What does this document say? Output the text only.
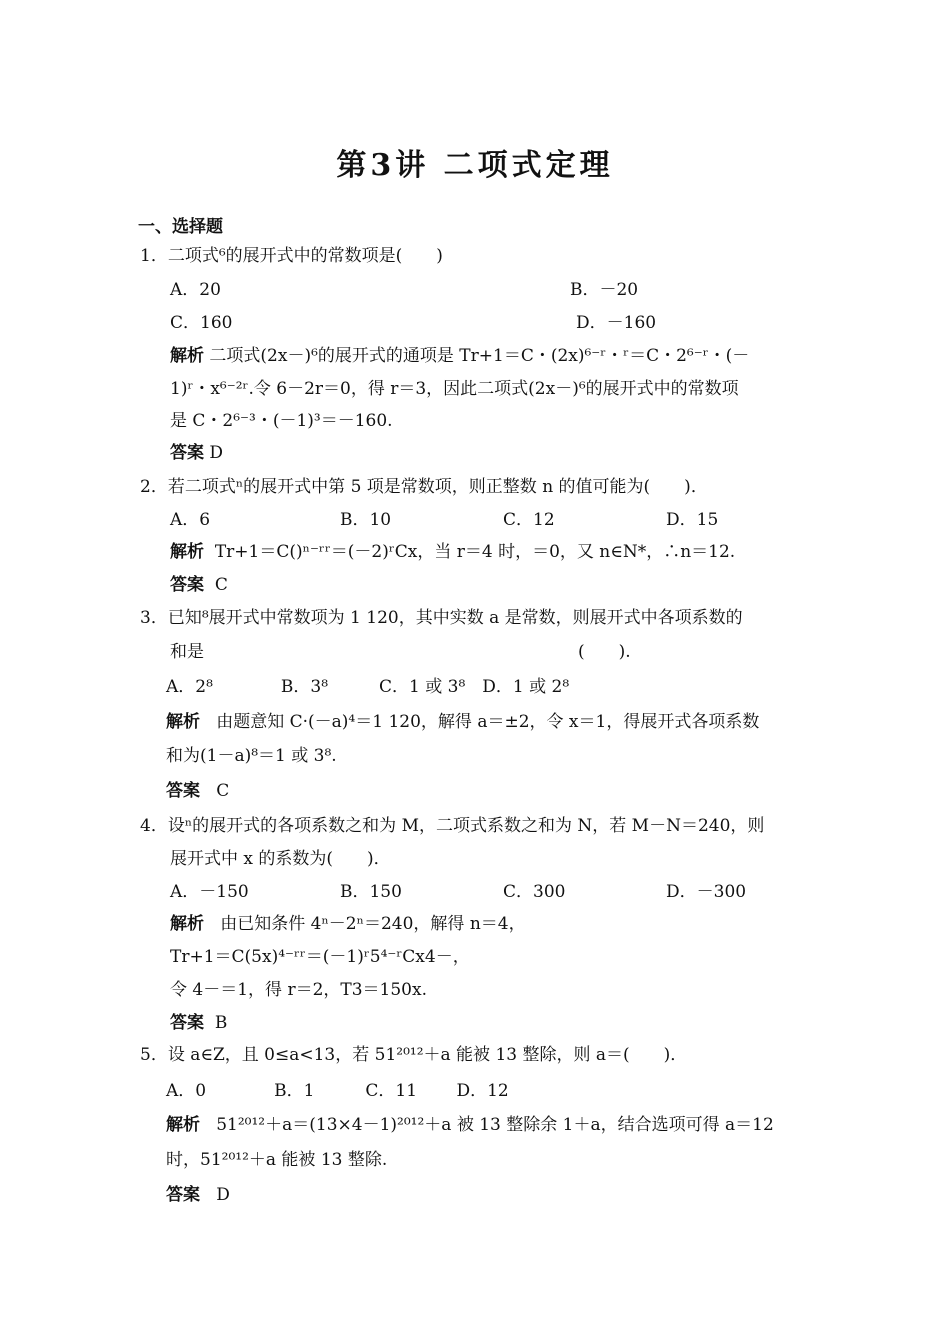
第3讲 二项式定理
一、选择题
1．二项式⁶的展开式中的常数项是(　　)
A．20	B．－20
C．160	D．－160
解析 二项式(2x－)⁶的展开式的通项是 Tr+1＝C・(2x)⁶⁻ʳ・ʳ＝C・2⁶⁻ʳ・(－
1)ʳ・x⁶⁻²ʳ.令 6－2r＝0，得 r＝3，因此二项式(2x－)⁶的展开式中的常数项
是 C・2⁶⁻³・(－1)³＝－160.
答案 D
2．若二项式ⁿ的展开式中第 5 项是常数项，则正整数 n 的值可能为(　　)．
A．6	B．10	C．12	D．15
解析 Tr+1＝C()ⁿ⁻ʳʳ＝(－2)ʳCx，当 r＝4 时，＝0，又 n∈N*，∴n＝12.
答案 C
3．已知⁸展开式中常数项为 1 120，其中实数 a 是常数，则展开式中各项系数的
和是	(　　).
A．2⁸　　　　B．3⁸　　　C．1 或 3⁸　D．1 或 2⁸
解析 由题意知 C·(－a)⁴＝1 120，解得 a＝±2，令 x＝1，得展开式各项系数
和为(1－a)⁸＝1 或 3⁸.
答案 C
4．设ⁿ的展开式的各项系数之和为 M，二项式系数之和为 N，若 M－N＝240，则
展开式中 x 的系数为(　　)．
A．－150	B．150	C．300	D．－300
解析 由已知条件 4ⁿ－2ⁿ＝240，解得 n＝4，
Tr+1＝C(5x)⁴⁻ʳʳ＝(－1)ʳ5⁴⁻ʳCx4－，
令 4－＝1，得 r＝2，T3＝150x.
答案 B
5．设 a∈Z，且 0≤a<13，若 51²⁰¹²＋a 能被 13 整除，则 a＝(　　)．
A．0　　　　B．1　　　C．11　　 D．12
解析 51²⁰¹²＋a＝(13×4－1)²⁰¹²＋a 被 13 整除余 1＋a，结合选项可得 a＝12
时，51²⁰¹²＋a 能被 13 整除.
答案 D
